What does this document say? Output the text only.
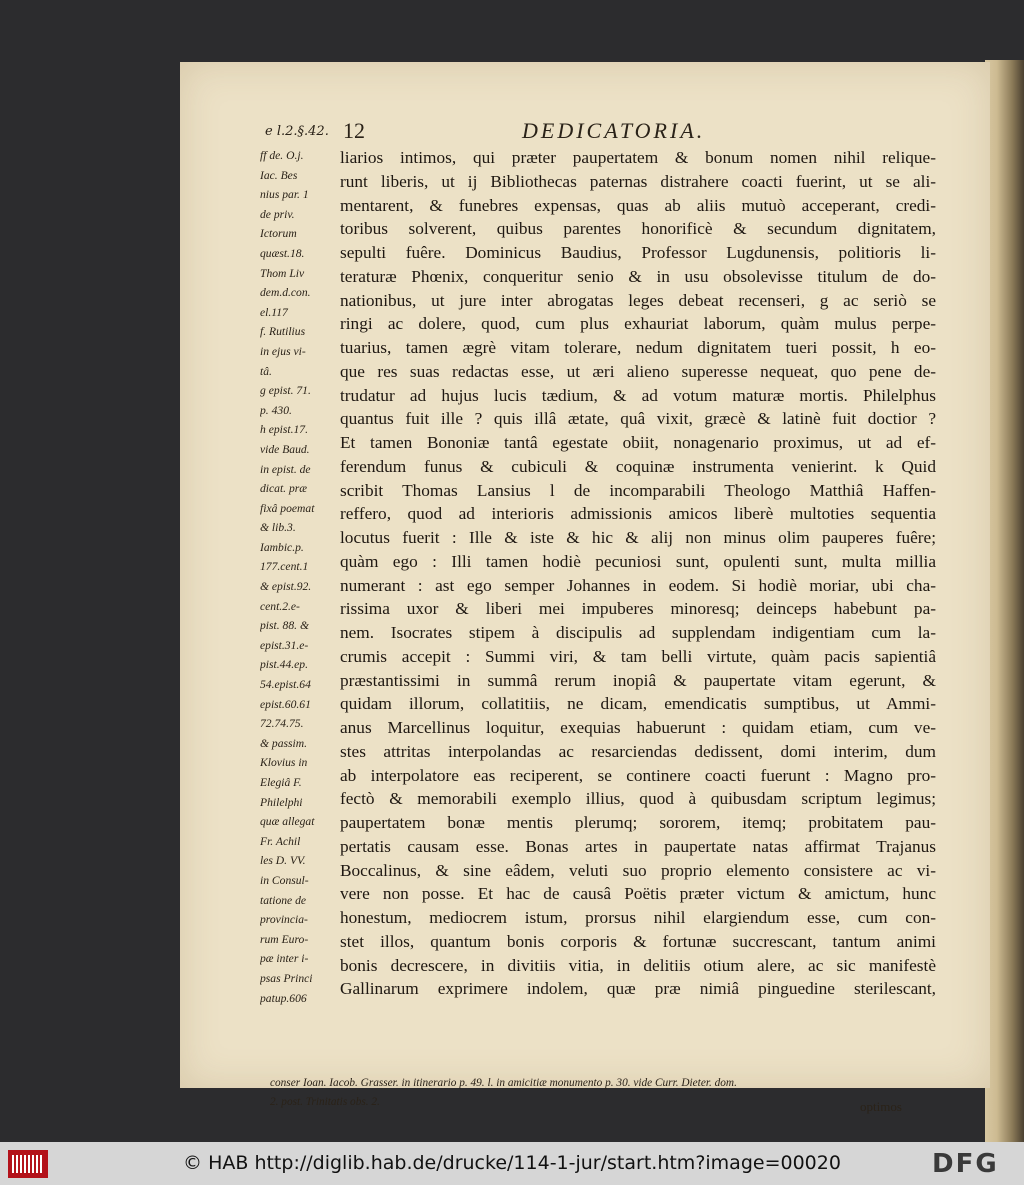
e l.2.§.42. 12	DEDICATORIA.
ff de. O.j.
Iac. Bes
nius par. 1
de priv.
Ictorum
quæst.18.
Thom Liv
dem.d.con.
el.117
f. Rutilius
in ejus vi-
tâ.
g epist. 71.
p. 430.
h epist.17.
vide Baud.
in epist. de
dicat. præ
fixâ poemat
& lib.3.
Iambic.p.
177.cent.1
& epist.92.
cent.2.e-
pist. 88. &
epist.31.e-
pist.44.ep.
54.epist.64
epist.60.61
72.74.75.
& passim.
Klovius in
Elegiâ F.
Philelphi
quæ allegat
Fr. Achil
les D. VV.
in Consul-
tatione de
provincia-
rum Euro-
pæ inter i-
psas Princi
patup.606
liarios intimos, qui præter paupertatem & bonum nomen nihil relique-
runt liberis, ut ij Bibliothecas paternas distrahere coacti fuerint, ut se ali-
mentarent, & funebres expensas, quas ab aliis mutuò acceperant, credi-
toribus solverent, quibus parentes honorificè & secundum dignitatem,
sepulti fuêre. Dominicus Baudius, Professor Lugdunensis, politioris li-
teraturæ Phœnix, conqueritur senio & in usu obsolevisse titulum de do-
nationibus, ut jure inter abrogatas leges debeat recenseri, g ac seriò se
ringi ac dolere, quod, cum plus exhauriat laborum, quàm mulus perpe-
tuarius, tamen ægrè vitam tolerare, nedum dignitatem tueri possit, h eo-
que res suas redactas esse, ut æri alieno superesse nequeat, quo pene de-
trudatur ad hujus lucis tædium, & ad votum maturæ mortis. Philelphus
quantus fuit ille ? quis illâ ætate, quâ vixit, græcè & latinè fuit doctior ?
Et tamen Bononiæ tantâ egestate obiit, nonagenario proximus, ut ad ef-
ferendum funus & cubiculi & coquinæ instrumenta venierint. k Quid
scribit Thomas Lansius l de incomparabili Theologo Matthiâ Haffen-
reffero, quod ad interioris admissionis amicos liberè multoties sequentia
locutus fuerit : Ille & iste & hic & alij non minus olim pauperes fuêre;
quàm ego : Illi tamen hodiè pecuniosi sunt, opulenti sunt, multa millia
numerant : ast ego semper Johannes in eodem. Si hodiè moriar, ubi cha-
rissima uxor & liberi mei impuberes minoresq; deinceps habebunt pa-
nem. Isocrates stipem à discipulis ad supplendam indigentiam cum la-
crumis accepit : Summi viri, & tam belli virtute, quàm pacis sapientiâ
præstantissimi in summâ rerum inopiâ & paupertate vitam egerunt, &
quidam illorum, collatitiis, ne dicam, emendicatis sumptibus, ut Ammi-
anus Marcellinus loquitur, exequias habuerunt : quidam etiam, cum ve-
stes attritas interpolandas ac resarciendas dedissent, domi interim, dum
ab interpolatore eas reciperent, se continere coacti fuerunt : Magno pro-
fectò & memorabili exemplo illius, quod à quibusdam scriptum legimus;
paupertatem bonæ mentis plerumq; sororem, itemq; probitatem pau-
pertatis causam esse. Bonas artes in paupertate natas affirmat Trajanus
Boccalinus, & sine eâdem, veluti suo proprio elemento consistere ac vi-
vere non posse. Et hac de causâ Poëtis præter victum & amictum, hunc
honestum, mediocrem istum, prorsus nihil elargiendum esse, cum con-
stet illos, quantum bonis corporis & fortunæ succrescant, tantum animi
bonis decrescere, in divitiis vitia, in delitiis otium alere, ac sic manifestè
Gallinarum exprimere indolem, quæ præ nimiâ pinguedine sterilescant,
conser Ioan. Iacob. Grasser. in itinerario p. 49. l. in amicitiæ monumento p. 30. vide Curr. Dieter. dom.
2. post. Trinitatis obs. 2.	optimos
© HAB http://diglib.hab.de/drucke/114-1-jur/start.htm?image=00020	DFG
